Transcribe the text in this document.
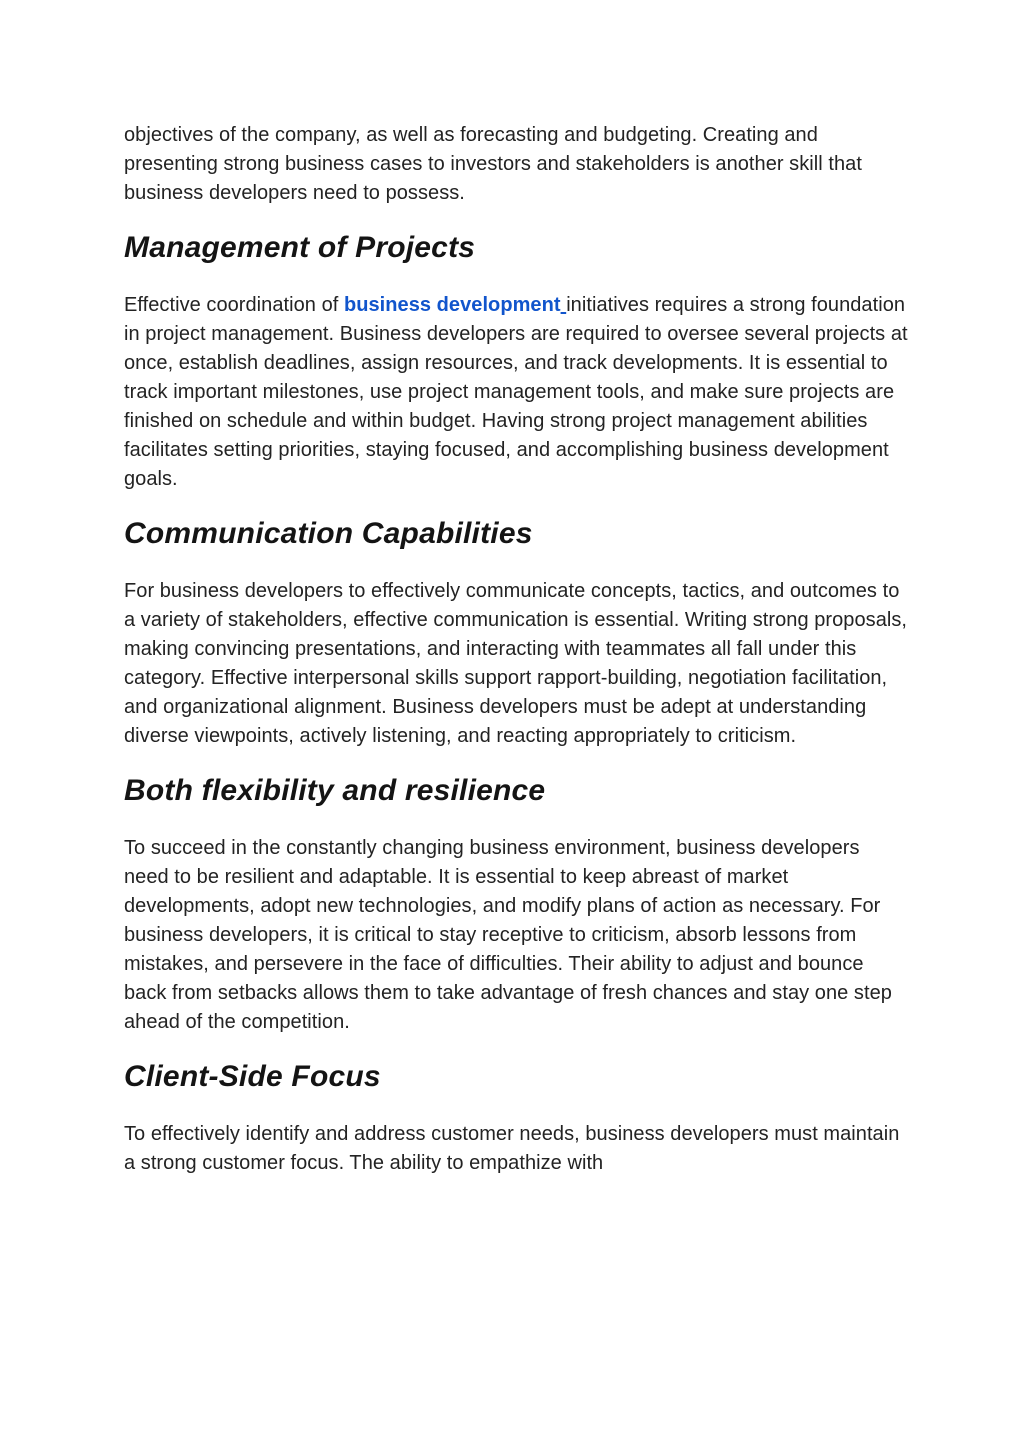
objectives of the company, as well as forecasting and budgeting. Creating and presenting strong business cases to investors and stakeholders is another skill that business developers need to possess.

Management of Projects

Effective coordination of business development initiatives requires a strong foundation in project management. Business developers are required to oversee several projects at once, establish deadlines, assign resources, and track developments. It is essential to track important milestones, use project management tools, and make sure projects are finished on schedule and within budget. Having strong project management abilities facilitates setting priorities, staying focused, and accomplishing business development goals.

Communication Capabilities

For business developers to effectively communicate concepts, tactics, and outcomes to a variety of stakeholders, effective communication is essential. Writing strong proposals, making convincing presentations, and interacting with teammates all fall under this category. Effective interpersonal skills support rapport-building, negotiation facilitation, and organizational alignment. Business developers must be adept at understanding diverse viewpoints, actively listening, and reacting appropriately to criticism.

Both flexibility and resilience

To succeed in the constantly changing business environment, business developers need to be resilient and adaptable. It is essential to keep abreast of market developments, adopt new technologies, and modify plans of action as necessary. For business developers, it is critical to stay receptive to criticism, absorb lessons from mistakes, and persevere in the face of difficulties. Their ability to adjust and bounce back from setbacks allows them to take advantage of fresh chances and stay one step ahead of the competition.

Client-Side Focus

To effectively identify and address customer needs, business developers must maintain a strong customer focus. The ability to empathize with
